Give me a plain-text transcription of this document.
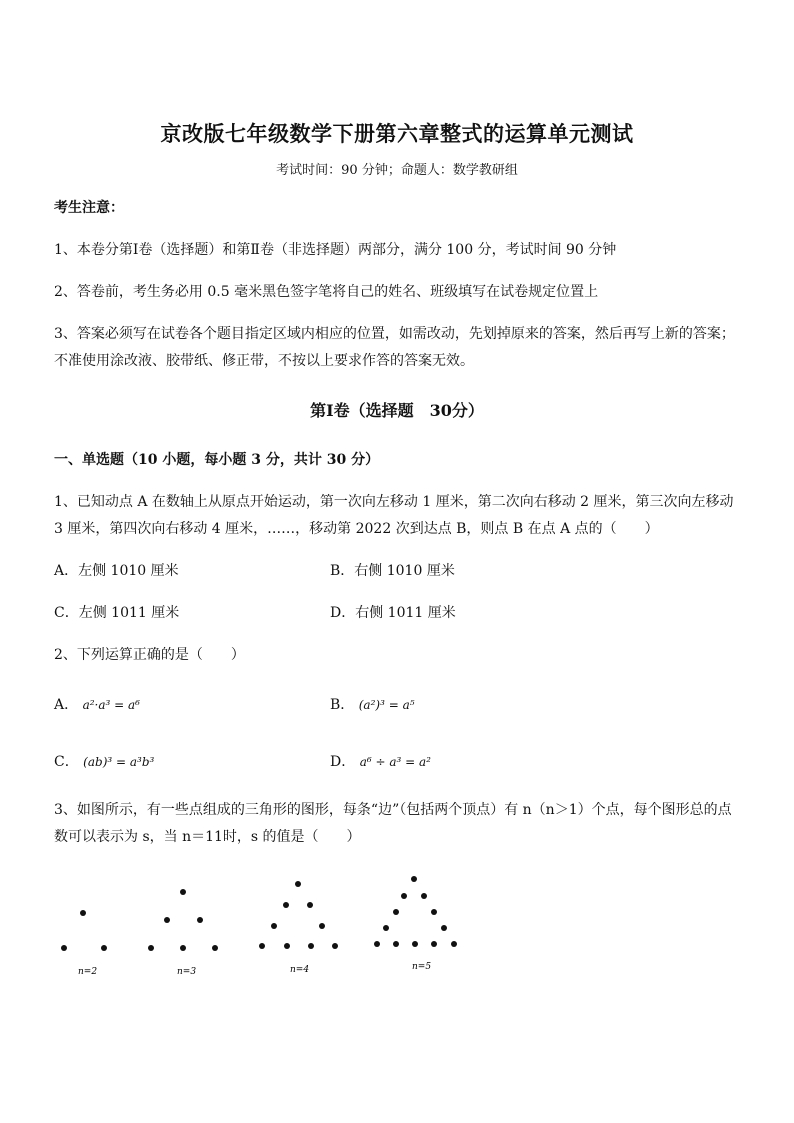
京改版七年级数学下册第六章整式的运算单元测试
考试时间：90 分钟；命题人：数学教研组
考生注意：
1、本卷分第Ⅰ卷（选择题）和第Ⅱ卷（非选择题）两部分，满分 100 分，考试时间 90 分钟
2、答卷前，考生务必用 0.5 毫米黑色签字笔将自己的姓名、班级填写在试卷规定位置上
3、答案必须写在试卷各个题目指定区域内相应的位置，如需改动，先划掉原来的答案，然后再写上新的答案；不准使用涂改液、胶带纸、修正带，不按以上要求作答的答案无效。
第Ⅰ卷（选择题　30分）
一、单选题（10 小题，每小题 3 分，共计 30 分）
1、已知动点 A 在数轴上从原点开始运动，第一次向左移动 1 厘米，第二次向右移动 2 厘米，第三次向左移动 3 厘米，第四次向右移动 4 厘米，……，移动第 2022 次到达点 B，则点 B 在点 A 点的（　　）
A．左侧 1010 厘米	B．右侧 1010 厘米
C．左侧 1011 厘米	D．右侧 1011 厘米
2、下列运算正确的是（　　）
A． a²·a³ = a⁶	B． (a²)³ = a⁵
C． (ab)³ = a³b³	D． a⁶ ÷ a³ = a²
3、如图所示，有一些点组成的三角形的图形，每条“边”（包括两个顶点）有 n（n＞1）个点，每个图形总的点数可以表示为 s，当 n＝11时，s 的值是（　　）
n=2	n=3	n=4	n=5
